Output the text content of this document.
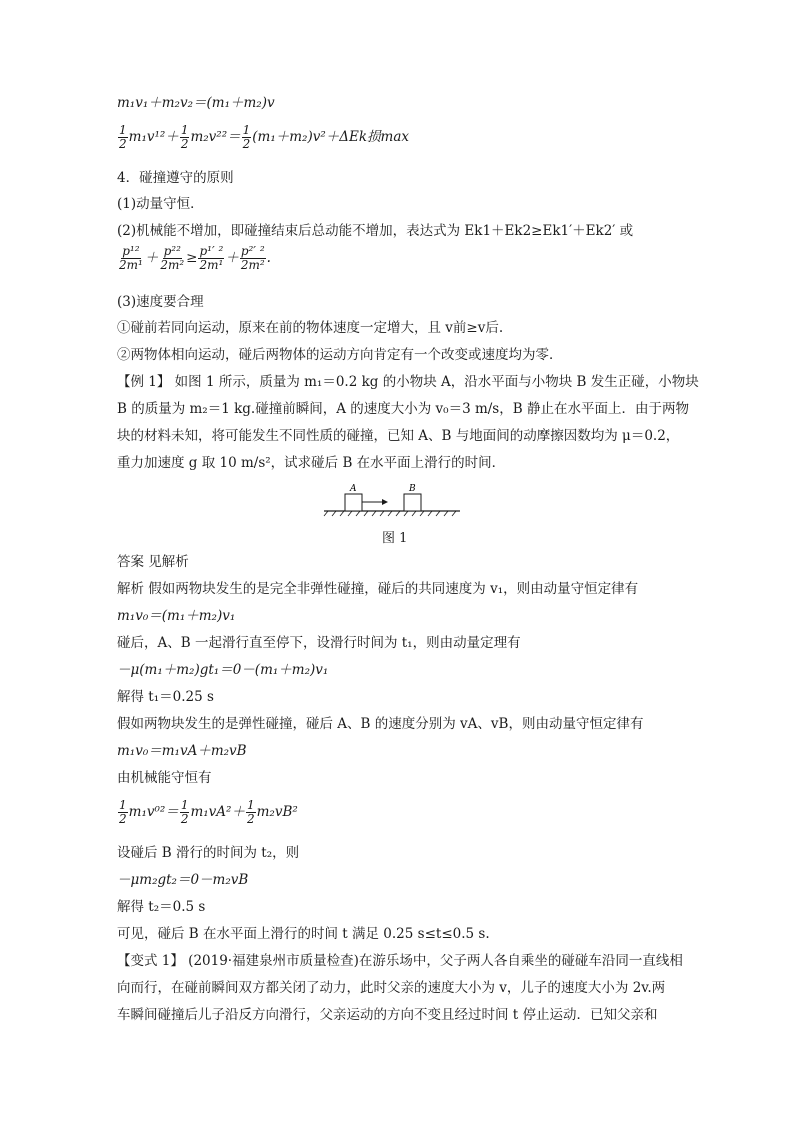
m₁v₁＋m₂v₂＝(m₁＋m₂)v
$\frac{1}{2} m_1v^{12}+ \frac{1}{2} m_2v^{22}= \frac{1}{2} (m_1+m_2)v^2+\Delta Ek$损max
4．碰撞遵守的原则
(1)动量守恒．
(2)机械能不增加，即碰撞结束后总动能不增加，表达式为 Ek1＋Ek2≥Ek1′＋Ek2′ 或
$\frac{\text{p¹²}}{\text{2m¹}} + \frac{\text{p²²}}{\text{2m²}} \ge \frac{\text{p¹′ ²}}{\text{2m¹}} + \frac{\text{p²′ ²}}{\text{2m²}}$ .
(3)速度要合理
①碰前若同向运动，原来在前的物体速度一定增大，且 v前≥v后.
②两物体相向运动，碰后两物体的运动方向肯定有一个改变或速度均为零．
【例 1】 如图 1 所示，质量为 m₁＝0.2 kg 的小物块 A，沿水平面与小物块 B 发生正碰，小物块
B 的质量为 m₂＝1 kg.碰撞前瞬间，A 的速度大小为 v₀＝3 m/s，B 静止在水平面上．由于两物
块的材料未知，将可能发生不同性质的碰撞，已知 A、B 与地面间的动摩擦因数均为 μ＝0.2，
重力加速度 g 取 10 m/s²，试求碰后 B 在水平面上滑行的时间．
A	B
图 1
答案 见解析
解析 假如两物块发生的是完全非弹性碰撞，碰后的共同速度为 v₁，则由动量守恒定律有
m₁v₀＝(m₁＋m₂)v₁
碰后，A、B 一起滑行直至停下，设滑行时间为 t₁，则由动量定理有
－μ(m₁＋m₂)gt₁＝0－(m₁＋m₂)v₁
解得 t₁＝0.25 s
假如两物块发生的是弹性碰撞，碰后 A、B 的速度分别为 vA、vB，则由动量守恒定律有
m₁v₀＝m₁vA＋m₂vB
由机械能守恒有
$\frac{1}{2} m_1v^{02}= \frac{1}{2} m_1vA^2+ \frac{1}{2} m_2vB^2$
设碰后 B 滑行的时间为 t₂，则
－μm₂gt₂＝0－m₂vB
解得 t₂＝0.5 s
可见，碰后 B 在水平面上滑行的时间 t 满足 0.25 s≤t≤0.5 s.
【变式 1】 (2019·福建泉州市质量检查)在游乐场中，父子两人各自乘坐的碰碰车沿同一直线相
向而行，在碰前瞬间双方都关闭了动力，此时父亲的速度大小为 v，儿子的速度大小为 2v.两
车瞬间碰撞后儿子沿反方向滑行，父亲运动的方向不变且经过时间 t 停止运动．已知父亲和
